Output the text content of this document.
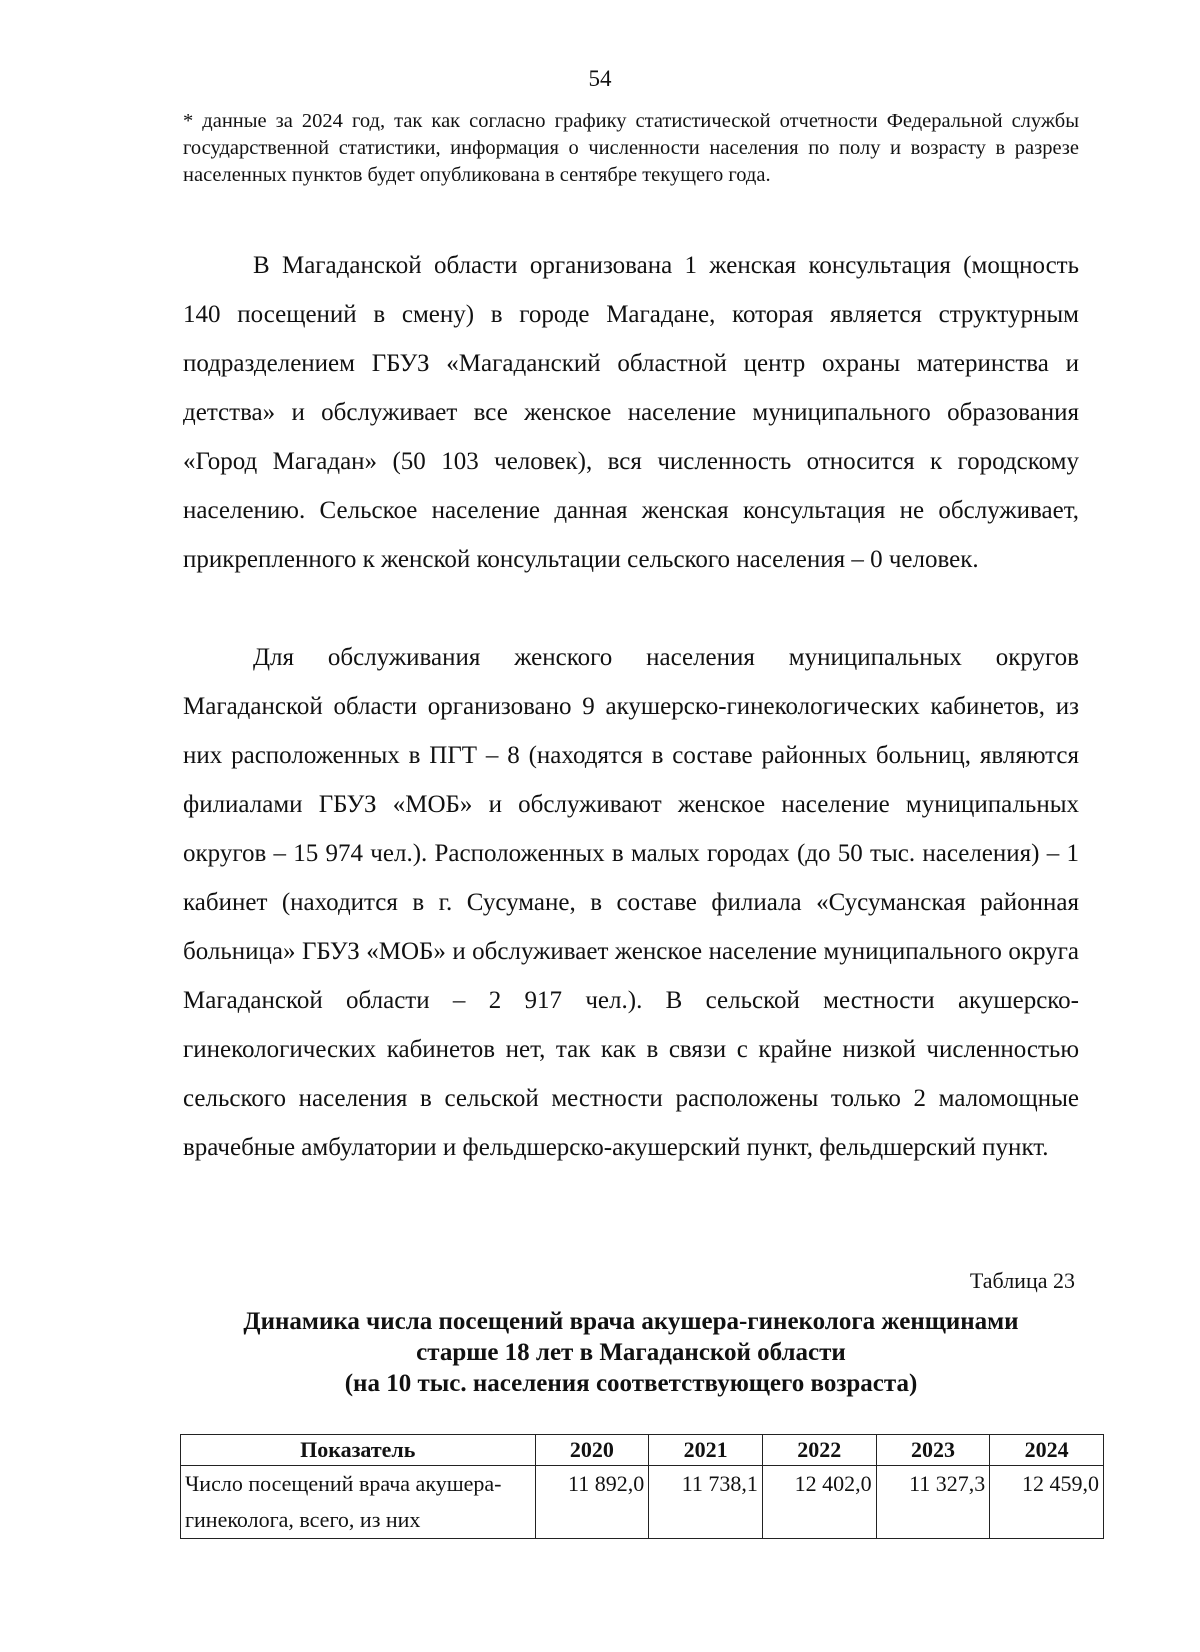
54
* данные за 2024 год, так как согласно графику статистической отчетности Федеральной службы государственной статистики, информация о численности населения по полу и возрасту в разрезе населенных пунктов будет опубликована в сентябре текущего года.

В Магаданской области организована 1 женская консультация (мощность 140 посещений в смену) в городе Магадане, которая является структурным подразделением ГБУЗ «Магаданский областной центр охраны материнства и детства» и обслуживает все женское население муниципального образования «Город Магадан» (50 103 человек), вся численность относится к городскому населению. Сельское население данная женская консультация не обслуживает, прикрепленного к женской консультации сельского населения – 0 человек.

Для обслуживания женского населения муниципальных округов Магаданской области организовано 9 акушерско-гинекологических кабинетов, из них расположенных в ПГТ – 8 (находятся в составе районных больниц, являются филиалами ГБУЗ «МОБ» и обслуживают женское население муниципальных округов – 15 974 чел.). Расположенных в малых городах (до 50 тыс. населения) – 1 кабинет (находится в г. Сусумане, в составе филиала «Сусуманская районная больница» ГБУЗ «МОБ» и обслуживает женское население муниципального округа Магаданской области – 2 917 чел.). В сельской местности акушерско-гинекологических кабинетов нет, так как в связи с крайне низкой численностью сельского населения в сельской местности расположены только 2 маломощные врачебные амбулатории и фельдшерско-акушерский пункт, фельдшерский пункт.

Таблица 23
Динамика числа посещений врача акушера-гинеколога женщинами
старше 18 лет в Магаданской области
(на 10 тыс. населения соответствующего возраста)
Показатель	2020	2021	2022	2023	2024
Число посещений врача акушера-гинеколога, всего, из них	11 892,0	11 738,1	12 402,0	11 327,3	12 459,0
